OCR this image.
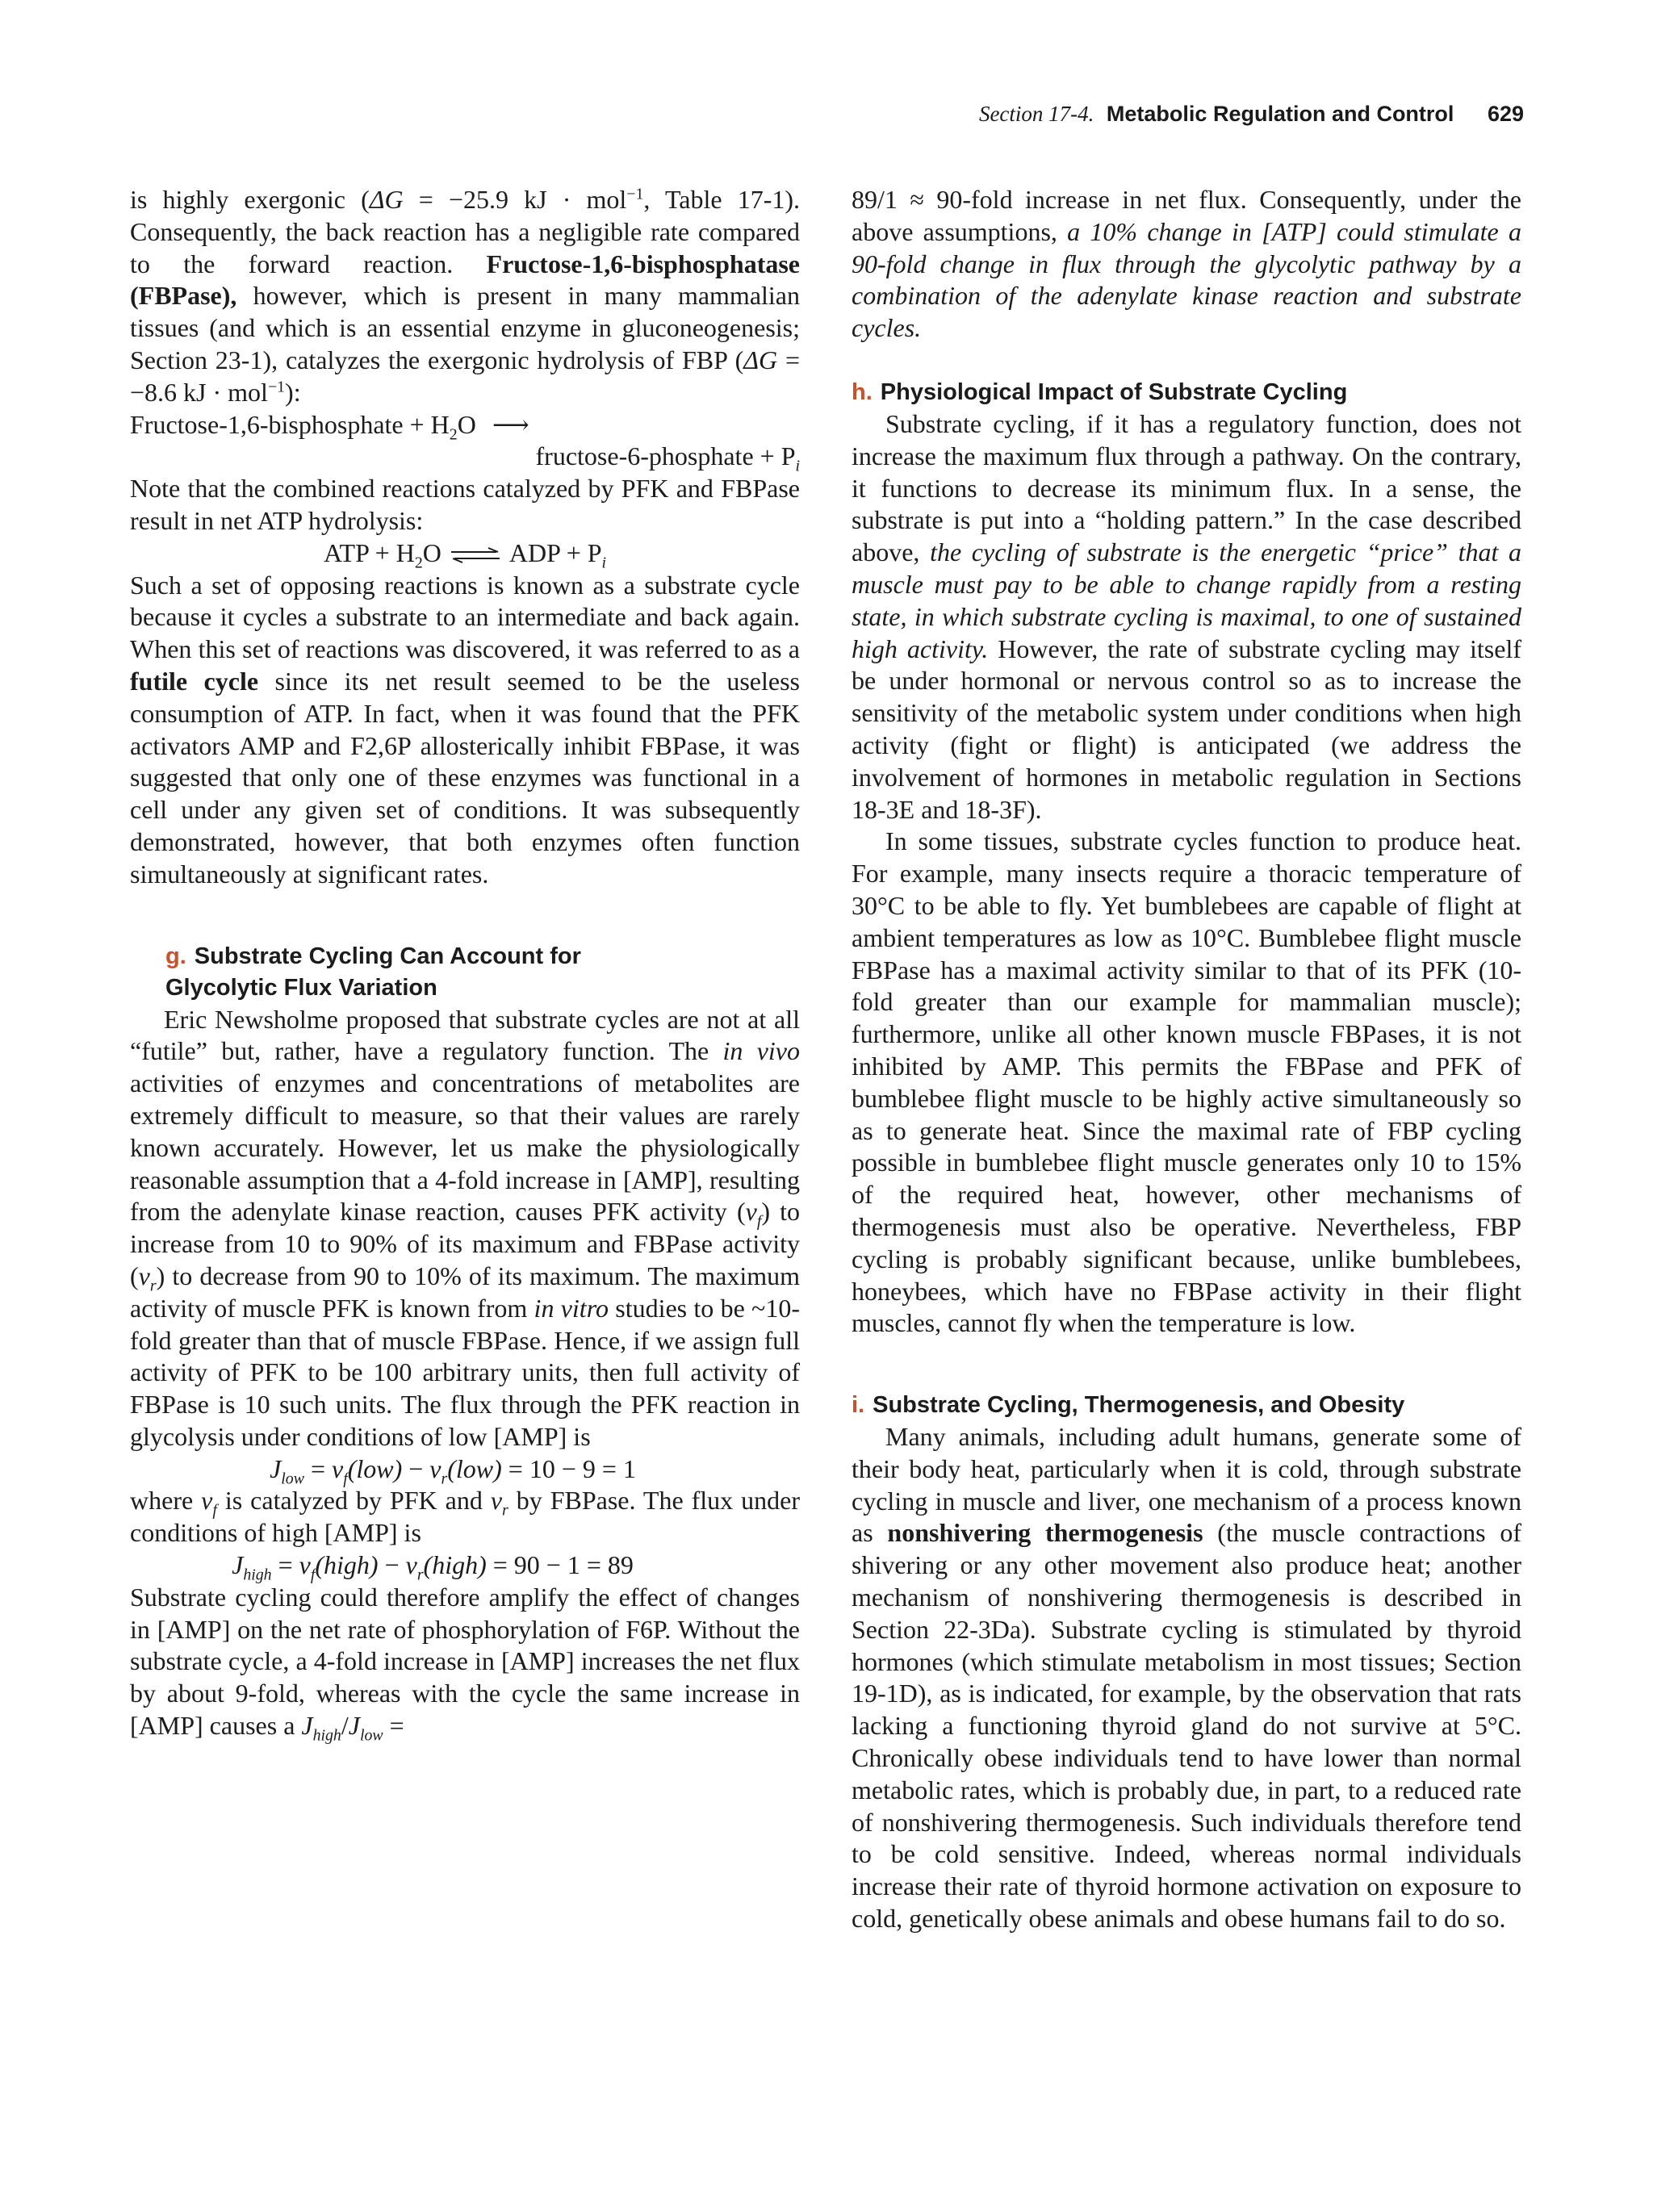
Section 17-4. Metabolic Regulation and Control 629

is highly exergonic (ΔG = −25.9 kJ · mol$^{-1}$, Table 17-1). Consequently, the back reaction has a negligible rate compared to the forward reaction. Fructose-1,6-bisphosphatase (FBPase), however, which is present in many mammalian tissues (and which is an essential enzyme in gluconeogenesis; Section 23-1), catalyzes the exergonic hydrolysis of FBP (ΔG = −8.6 kJ · mol$^{-1}$):

Fructose-1,6-bisphosphate + $H_2O$ ⟶

fructose-6-phosphate + $P_i$

Note that the combined reactions catalyzed by PFK and FBPase result in net ATP hydrolysis:

ATP + $H_2O$ ⇌ ADP + $P_i$

Such a set of opposing reactions is known as a substrate cycle because it cycles a substrate to an intermediate and back again. When this set of reactions was discovered, it was referred to as a futile cycle since its net result seemed to be the useless consumption of ATP. In fact, when it was found that the PFK activators AMP and F2,6P allosterically inhibit FBPase, it was suggested that only one of these enzymes was functional in a cell under any given set of conditions. It was subsequently demonstrated, however, that both enzymes often function simultaneously at significant rates.

g. Substrate Cycling Can Account for
Glycolytic Flux Variation

Eric Newsholme proposed that substrate cycles are not at all “futile” but, rather, have a regulatory function. The in vivo activities of enzymes and concentrations of metabolites are extremely difficult to measure, so that their values are rarely known accurately. However, let us make the physiologically reasonable assumption that a 4-fold increase in [AMP], resulting from the adenylate kinase reaction, causes PFK activity $(v_f)$ to increase from 10 to 90% of its maximum and FBPase activity $(v_r)$ to decrease from 90 to 10% of its maximum. The maximum activity of muscle PFK is known from in vitro studies to be ~10-fold greater than that of muscle FBPase. Hence, if we assign full activity of PFK to be 100 arbitrary units, then full activity of FBPase is 10 such units. The flux through the PFK reaction in glycolysis under conditions of low [AMP] is

$J_{low} = v_f(low) - v_r(low) = 10 - 9 = 1$

where $v_f$ is catalyzed by PFK and $v_r$ by FBPase. The flux under conditions of high [AMP] is

$J_{high}$ = $v_f(high)$ − $v_r(high) = 90 - 1 = 89$

Substrate cycling could therefore amplify the effect of changes in [AMP] on the net rate of phosphorylation of F6P. Without the substrate cycle, a 4-fold increase in [AMP] increases the net flux by about 9-fold, whereas with the cycle the same increase in [AMP] causes a $J_{high}/J_{low}$ =

89/1 ≈ 90-fold increase in net flux. Consequently, under the above assumptions, a 10% change in [ATP] could stimulate a 90-fold change in flux through the glycolytic pathway by a combination of the adenylate kinase reaction and substrate cycles.

h. Physiological Impact of Substrate Cycling

Substrate cycling, if it has a regulatory function, does not increase the maximum flux through a pathway. On the contrary, it functions to decrease its minimum flux. In a sense, the substrate is put into a “holding pattern.” In the case described above, the cycling of substrate is the energetic “price” that a muscle must pay to be able to change rapidly from a resting state, in which substrate cycling is maximal, to one of sustained high activity. However, the rate of substrate cycling may itself be under hormonal or nervous control so as to increase the sensitivity of the metabolic system under conditions when high activity (fight or flight) is anticipated (we address the involvement of hormones in metabolic regulation in Sections 18-3E and 18-3F).

In some tissues, substrate cycles function to produce heat. For example, many insects require a thoracic temperature of 30°C to be able to fly. Yet bumblebees are capable of flight at ambient temperatures as low as 10°C. Bumblebee flight muscle FBPase has a maximal activity similar to that of its PFK (10-fold greater than our example for mammalian muscle); furthermore, unlike all other known muscle FBPases, it is not inhibited by AMP. This permits the FBPase and PFK of bumblebee flight muscle to be highly active simultaneously so as to generate heat. Since the maximal rate of FBP cycling possible in bumblebee flight muscle generates only 10 to 15% of the required heat, however, other mechanisms of thermogenesis must also be operative. Nevertheless, FBP cycling is probably significant because, unlike bumblebees, honeybees, which have no FBPase activity in their flight muscles, cannot fly when the temperature is low.

i. Substrate Cycling, Thermogenesis, and Obesity

Many animals, including adult humans, generate some of their body heat, particularly when it is cold, through substrate cycling in muscle and liver, one mechanism of a process known as nonshivering thermogenesis (the muscle contractions of shivering or any other movement also produce heat; another mechanism of nonshivering thermogenesis is described in Section 22-3Da). Substrate cycling is stimulated by thyroid hormones (which stimulate metabolism in most tissues; Section 19-1D), as is indicated, for example, by the observation that rats lacking a functioning thyroid gland do not survive at 5°C. Chronically obese individuals tend to have lower than normal metabolic rates, which is probably due, in part, to a reduced rate of nonshivering thermogenesis. Such individuals therefore tend to be cold sensitive. Indeed, whereas normal individuals increase their rate of thyroid hormone activation on exposure to cold, genetically obese animals and obese humans fail to do so.
